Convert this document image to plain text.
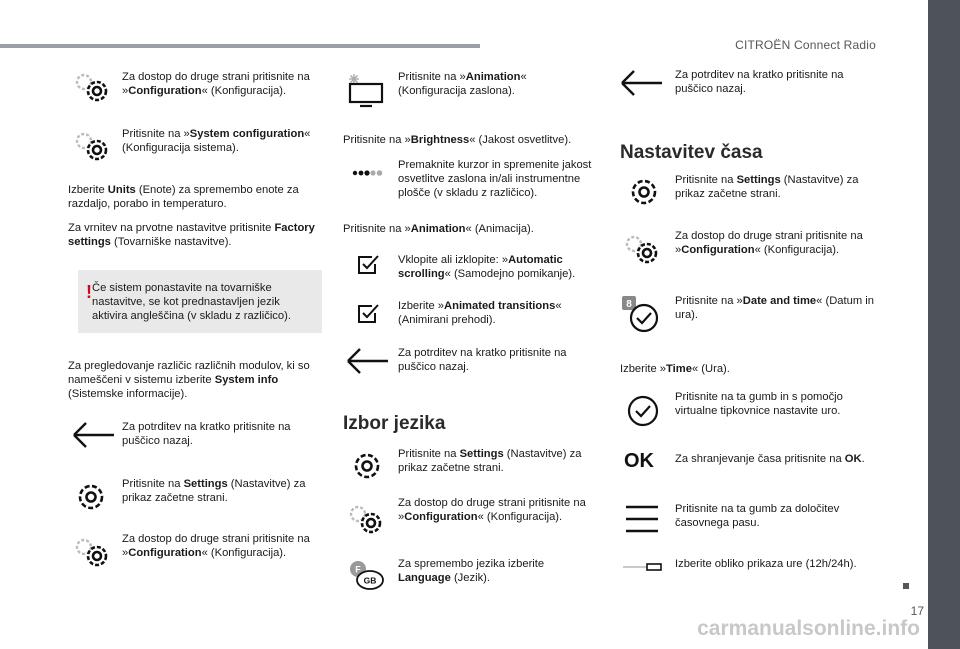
CITROËN Connect Radio
17
carmanualsonline.info
Za dostop do druge strani pritisnite na »Configuration« (Konfiguracija).
Pritisnite na »System configuration« (Konfiguracija sistema).
Izberite Units (Enote) za spremembo enote za razdaljo, porabo in temperaturo.
Za vrnitev na prvotne nastavitve pritisnite Factory settings (Tovarniške nastavitve).
! Če sistem ponastavite na tovarniške nastavitve, se kot prednastavljen jezik aktivira angleščina (v skladu z različico).
Za pregledovanje različic različnih modulov, ki so nameščeni v sistemu izberite System info (Sistemske informacije).
Za potrditev na kratko pritisnite na puščico nazaj.
Pritisnite na Settings (Nastavitve) za prikaz začetne strani.
Za dostop do druge strani pritisnite na »Configuration« (Konfiguracija).
Pritisnite na »Animation« (Konfiguracija zaslona).
Pritisnite na »Brightness« (Jakost osvetlitve).
Premaknite kurzor in spremenite jakost osvetlitve zaslona in/ali instrumentne plošče (v skladu z različico).
Pritisnite na »Animation« (Animacija).
Vklopite ali izklopite: »Automatic scrolling« (Samodejno pomikanje).
Izberite »Animated transitions« (Animirani prehodi).
Za potrditev na kratko pritisnite na puščico nazaj.
Izbor jezika
Pritisnite na Settings (Nastavitve) za prikaz začetne strani.
Za dostop do druge strani pritisnite na »Configuration« (Konfiguracija).
F
GB
Za spremembo jezika izberite Language (Jezik).
Za potrditev na kratko pritisnite na puščico nazaj.
Nastavitev časa
Pritisnite na Settings (Nastavitve) za prikaz začetne strani.
Za dostop do druge strani pritisnite na »Configuration« (Konfiguracija).
8	Pritisnite na »Date and time« (Datum in ura).
Izberite »Time« (Ura).
Pritisnite na ta gumb in s pomočjo virtualne tipkovnice nastavite uro.
OK	Za shranjevanje časa pritisnite na OK.
Pritisnite na ta gumb za določitev časovnega pasu.
Izberite obliko prikaza ure (12h/24h).
